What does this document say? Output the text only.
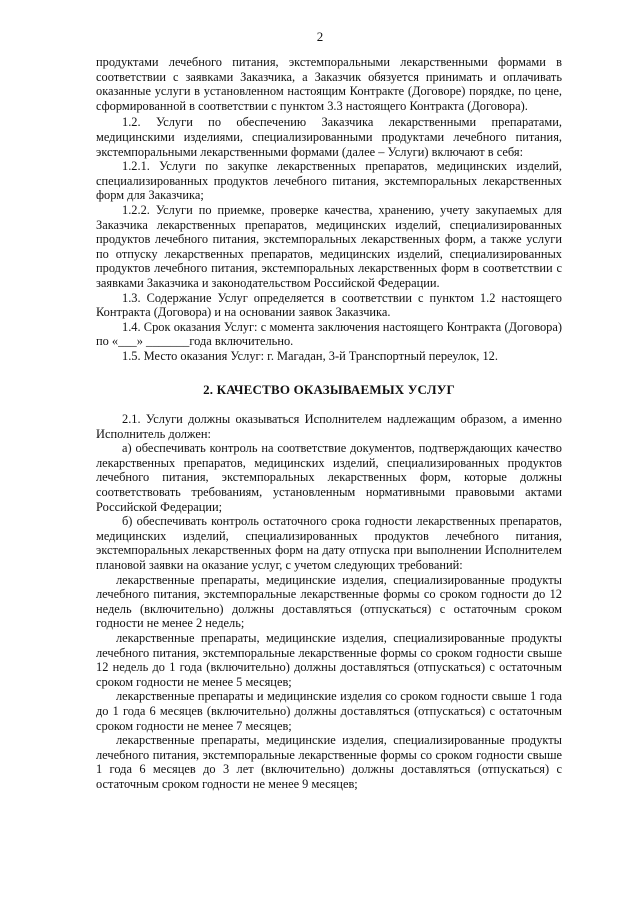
2

продуктами лечебного питания, экстемпоральными лекарственными формами в соответствии с заявками Заказчика, а Заказчик обязуется принимать и оплачивать оказанные услуги в установленном настоящим Контракте (Договоре) порядке, по цене, сформированной в соответствии с пунктом 3.3 настоящего Контракта (Договора).

1.2. Услуги по обеспечению Заказчика лекарственными препаратами, медицинскими изделиями, специализированными продуктами лечебного питания, экстемпоральными лекарственными формами (далее – Услуги) включают в себя:

1.2.1. Услуги по закупке лекарственных препаратов, медицинских изделий, специализированных продуктов лечебного питания, экстемпоральных лекарственных форм для Заказчика;

1.2.2. Услуги по приемке, проверке качества, хранению, учету закупаемых для Заказчика лекарственных препаратов, медицинских изделий, специализированных продуктов лечебного питания, экстемпоральных лекарственных форм, а также услуги по отпуску лекарственных препаратов, медицинских изделий, специализированных продуктов лечебного питания, экстемпоральных лекарственных форм в соответствии с заявками Заказчика и законодательством Российской Федерации.

1.3. Содержание Услуг определяется в соответствии с пунктом 1.2 настоящего Контракта (Договора) и на основании заявок Заказчика.

1.4. Срок оказания Услуг: с момента заключения настоящего Контракта (Договора) по «___» _______года включительно.

1.5. Место оказания Услуг: г. Магадан, 3-й Транспортный переулок, 12.

2. КАЧЕСТВО ОКАЗЫВАЕМЫХ УСЛУГ

2.1. Услуги должны оказываться Исполнителем надлежащим образом, а именно Исполнитель должен:

а) обеспечивать контроль на соответствие документов, подтверждающих качество лекарственных препаратов, медицинских изделий, специализированных продуктов лечебного питания, экстемпоральных лекарственных форм, которые должны соответствовать требованиям, установленным нормативными правовыми актами Российской Федерации;

б) обеспечивать контроль остаточного срока годности лекарственных препаратов, медицинских изделий, специализированных продуктов лечебного питания, экстемпоральных лекарственных форм на дату отпуска при выполнении Исполнителем плановой заявки на оказание услуг, с учетом следующих требований:

лекарственные препараты, медицинские изделия, специализированные продукты лечебного питания, экстемпоральные лекарственные формы со сроком годности до 12 недель (включительно) должны доставляться (отпускаться) с остаточным сроком годности не менее 2 недель;

лекарственные препараты, медицинские изделия, специализированные продукты лечебного питания, экстемпоральные лекарственные формы со сроком годности свыше 12 недель до 1 года (включительно) должны доставляться (отпускаться) с остаточным сроком годности не менее 5 месяцев;

лекарственные препараты и медицинские изделия со сроком годности свыше 1 года до 1 года 6 месяцев (включительно) должны доставляться (отпускаться) с остаточным сроком годности не менее 7 месяцев;

лекарственные препараты, медицинские изделия, специализированные продукты лечебного питания, экстемпоральные лекарственные формы со сроком годности свыше 1 года 6 месяцев до 3 лет (включительно) должны доставляться (отпускаться) с остаточным сроком годности не менее 9 месяцев;
